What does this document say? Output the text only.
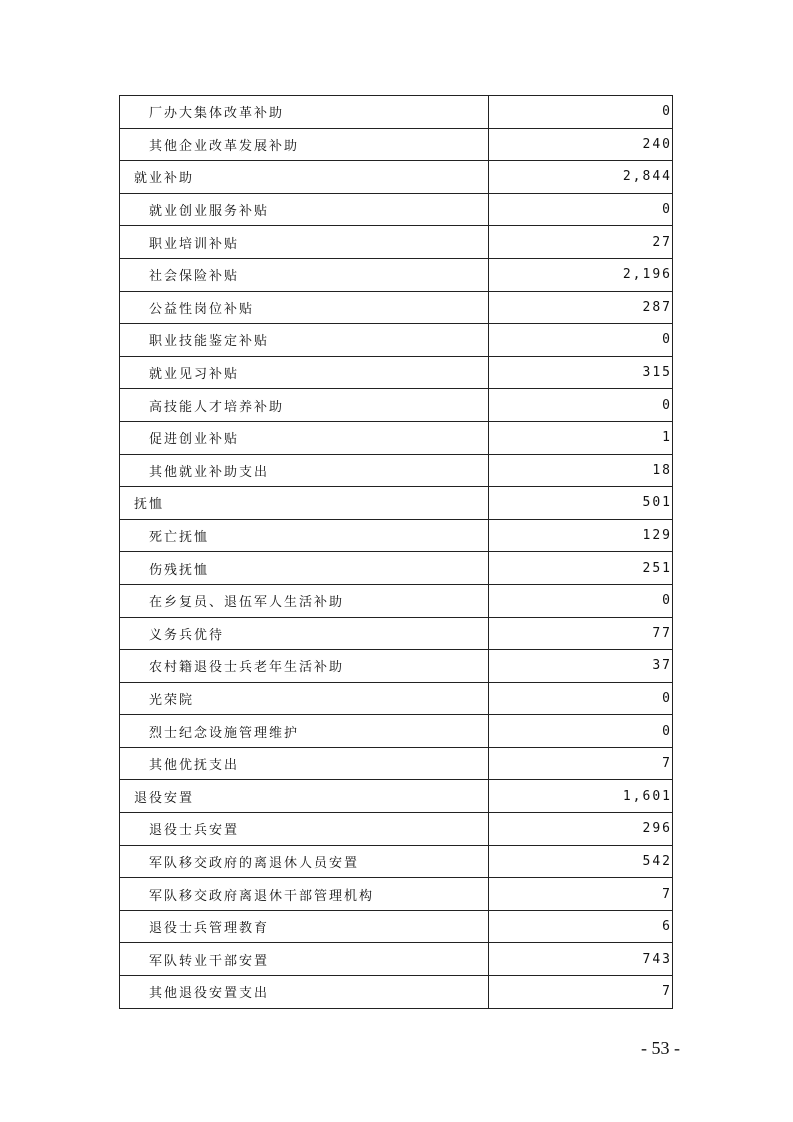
厂办大集体改革补助	0
其他企业改革发展补助	240
就业补助	2,844
就业创业服务补贴	0
职业培训补贴	27
社会保险补贴	2,196
公益性岗位补贴	287
职业技能鉴定补贴	0
就业见习补贴	315
高技能人才培养补助	0
促进创业补贴	1
其他就业补助支出	18
抚恤	501
死亡抚恤	129
伤残抚恤	251
在乡复员、退伍军人生活补助	0
义务兵优待	77
农村籍退役士兵老年生活补助	37
光荣院	0
烈士纪念设施管理维护	0
其他优抚支出	7
退役安置	1,601
退役士兵安置	296
军队移交政府的离退休人员安置	542
军队移交政府离退休干部管理机构	7
退役士兵管理教育	6
军队转业干部安置	743
其他退役安置支出	7
- 53 -
